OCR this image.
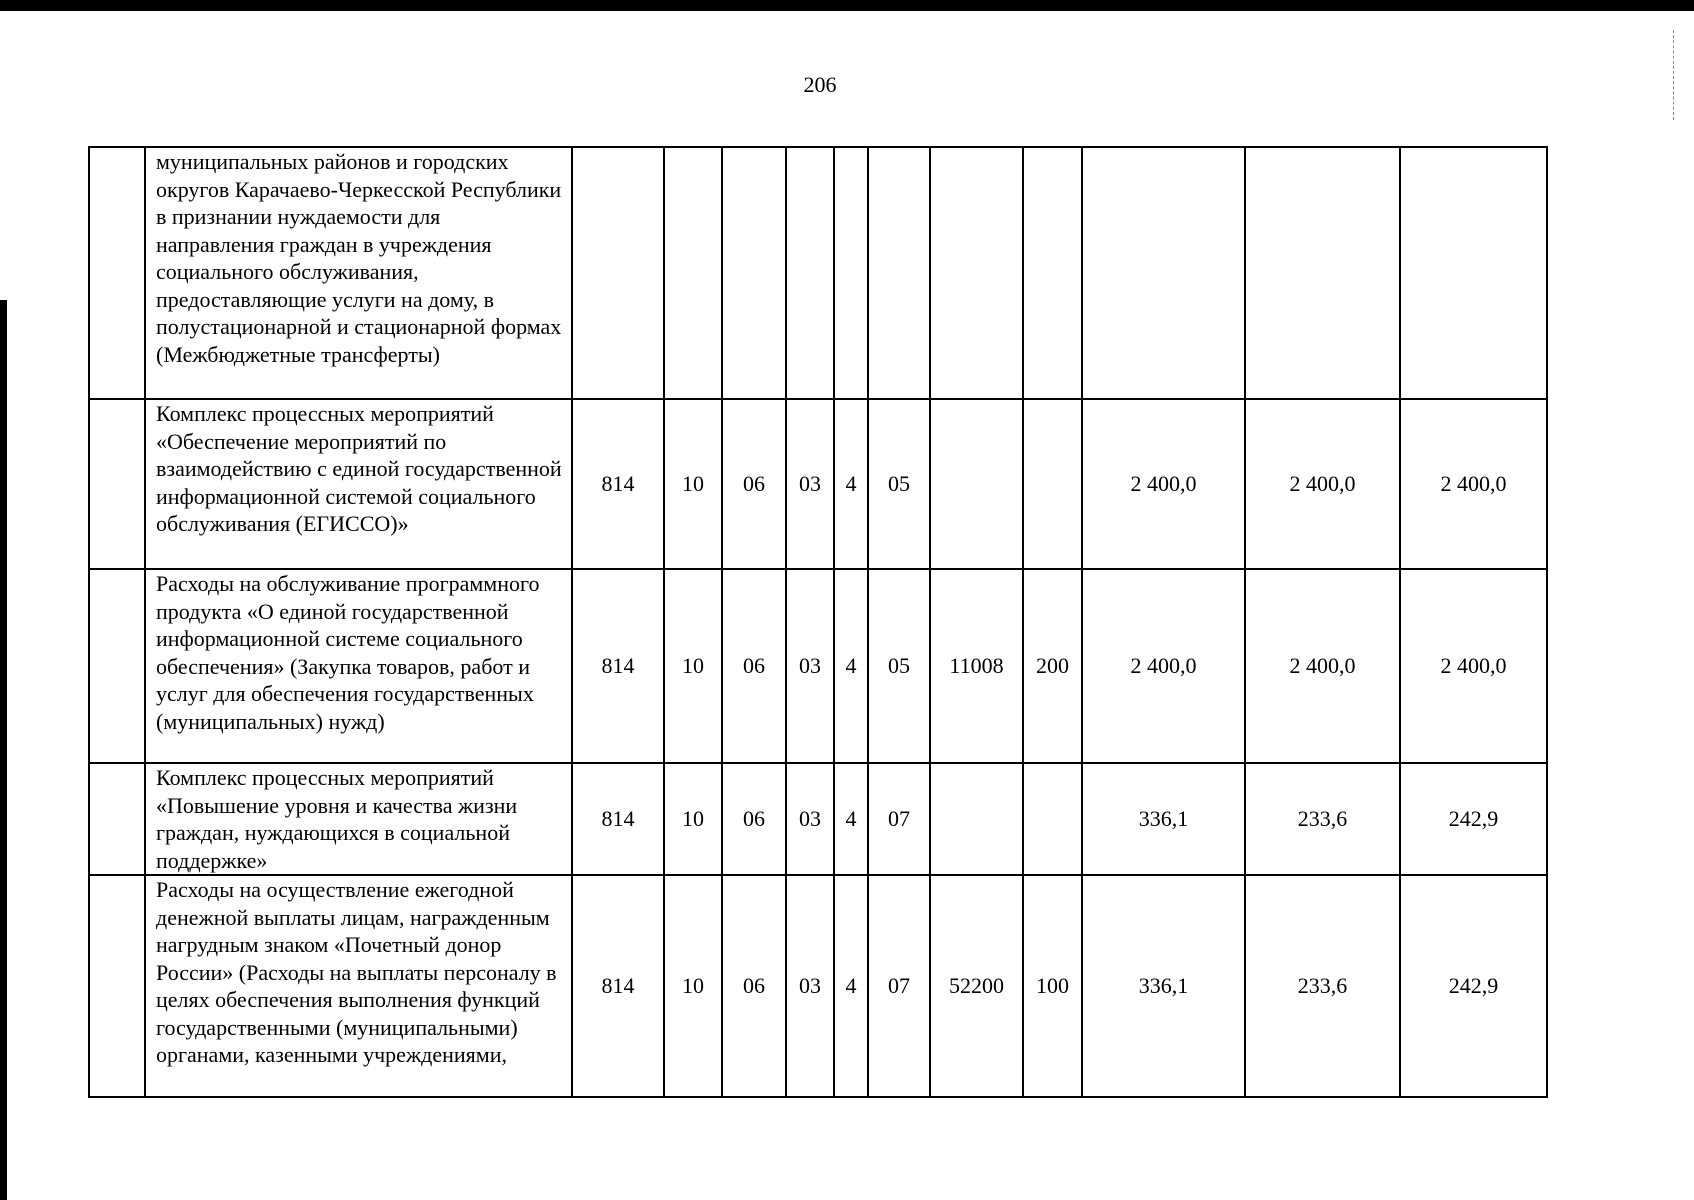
206
	муниципальных районов и городских округов Карачаево-Черкесской Республики в признании нуждаемости для направления граждан в учреждения социального обслуживания, предоставляющие услуги на дому, в полустационарной и стационарной формах (Межбюджетные трансферты)											
	Комплекс процессных мероприятий «Обеспечение мероприятий по взаимодействию с единой государственной информационной системой социального обслуживания (ЕГИССО)»	814	10	06	03	4	05			2 400,0	2 400,0	2 400,0
	Расходы на обслуживание программного продукта «О единой государственной информационной системе социального обеспечения» (Закупка товаров, работ и услуг для обеспечения государственных (муниципальных) нужд)	814	10	06	03	4	05	11008	200	2 400,0	2 400,0	2 400,0
	Комплекс процессных мероприятий «Повышение уровня и качества жизни граждан, нуждающихся в социальной поддержке»	814	10	06	03	4	07			336,1	233,6	242,9
	Расходы на осуществление ежегодной денежной выплаты лицам, награжденным нагрудным знаком «Почетный донор России» (Расходы на выплаты персоналу в целях обеспечения выполнения функций государственными (муниципальными) органами, казенными учреждениями,	814	10	06	03	4	07	52200	100	336,1	233,6	242,9
